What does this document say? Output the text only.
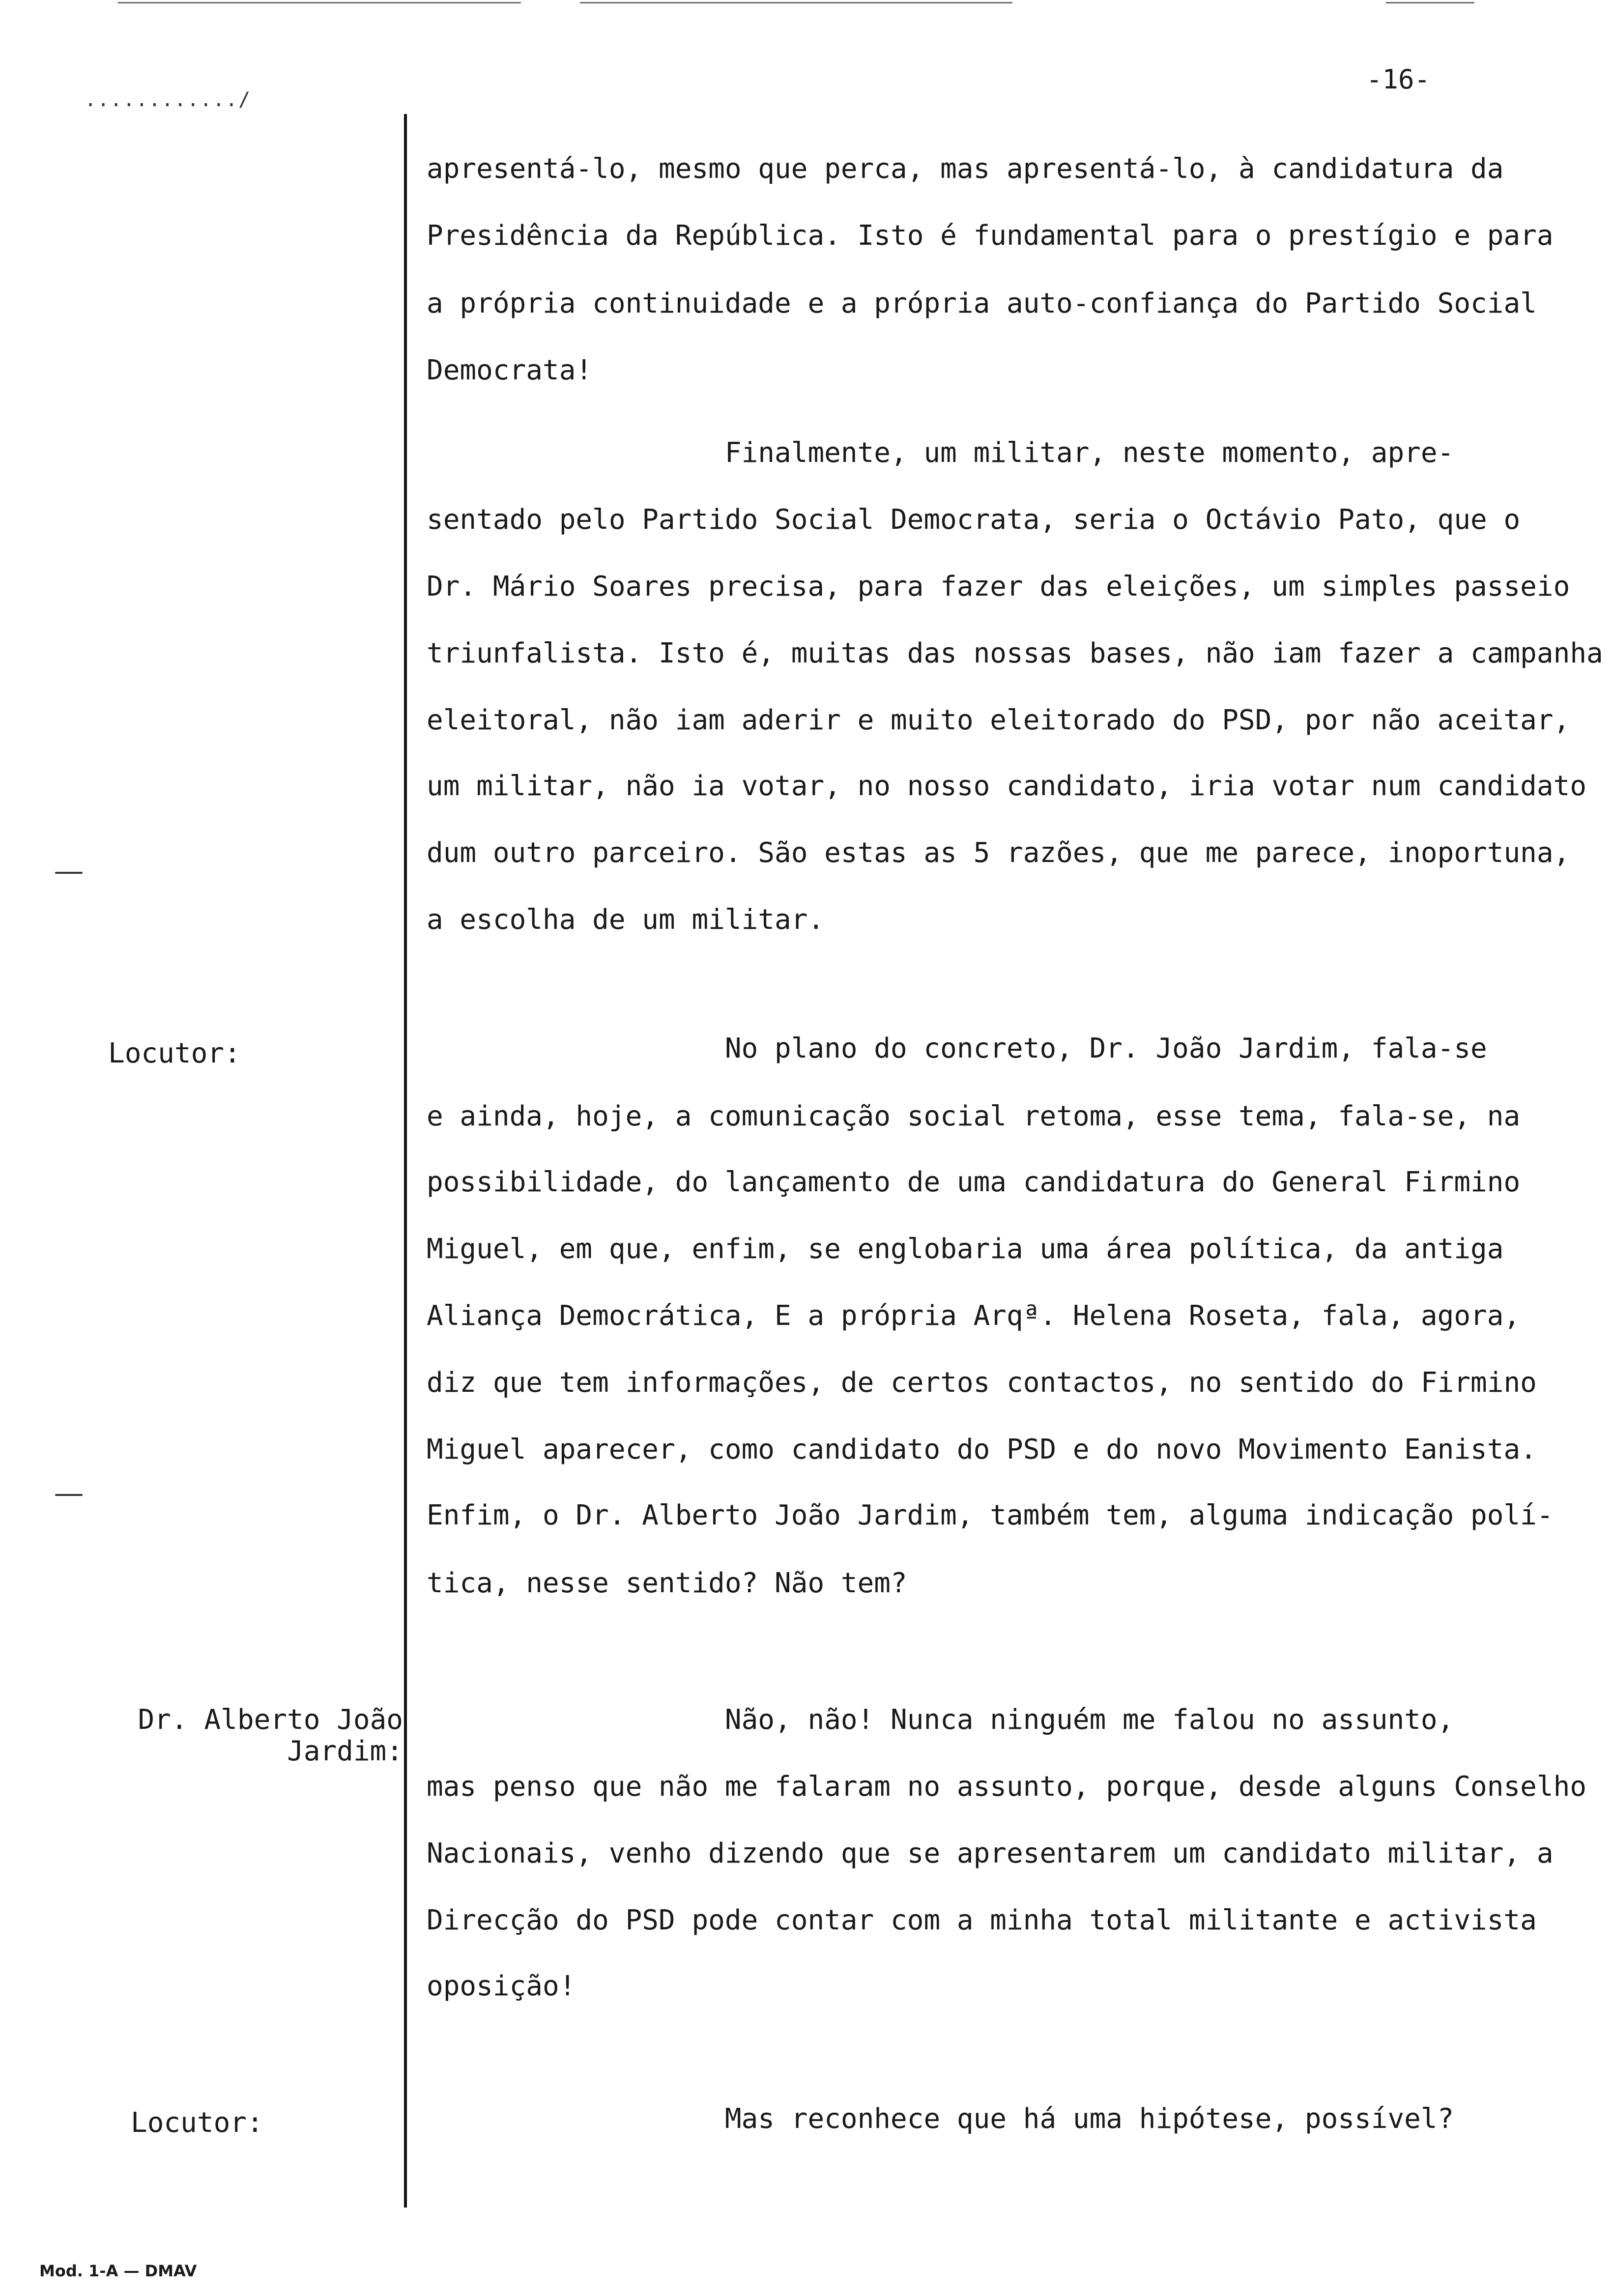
............/
-16-
Locutor:
Dr. Alberto João
Jardim:
Locutor:
apresentá-lo, mesmo que perca, mas apresentá-lo, à candidatura da
Presidência da República. Isto é fundamental para o prestígio e para
a própria continuidade e a própria auto-confiança do Partido Social
Democrata!
Finalmente, um militar, neste momento, apre-
sentado pelo Partido Social Democrata, seria o Octávio Pato, que o
Dr. Mário Soares precisa, para fazer das eleições, um simples passeio
triunfalista. Isto é, muitas das nossas bases, não iam fazer a campanha
eleitoral, não iam aderir e muito eleitorado do PSD, por não aceitar,
um militar, não ia votar, no nosso candidato, iria votar num candidato
dum outro parceiro. São estas as 5 razões, que me parece, inoportuna,
a escolha de um militar.
No plano do concreto, Dr. João Jardim, fala-se
e ainda, hoje, a comunicação social retoma, esse tema, fala-se, na
possibilidade, do lançamento de uma candidatura do General Firmino
Miguel, em que, enfim, se englobaria uma área política, da antiga
Aliança Democrática, E a própria Arqª. Helena Roseta, fala, agora,
diz que tem informações, de certos contactos, no sentido do Firmino
Miguel aparecer, como candidato do PSD e do novo Movimento Eanista.
Enfim, o Dr. Alberto João Jardim, também tem, alguma indicação polí-
tica, nesse sentido? Não tem?
Não, não! Nunca ninguém me falou no assunto,
mas penso que não me falaram no assunto, porque, desde alguns Conselho
Nacionais, venho dizendo que se apresentarem um candidato militar, a
Direcção do PSD pode contar com a minha total militante e activista
oposição!
Mas reconhece que há uma hipótese, possível?
Mod. 1-A — DMAV
